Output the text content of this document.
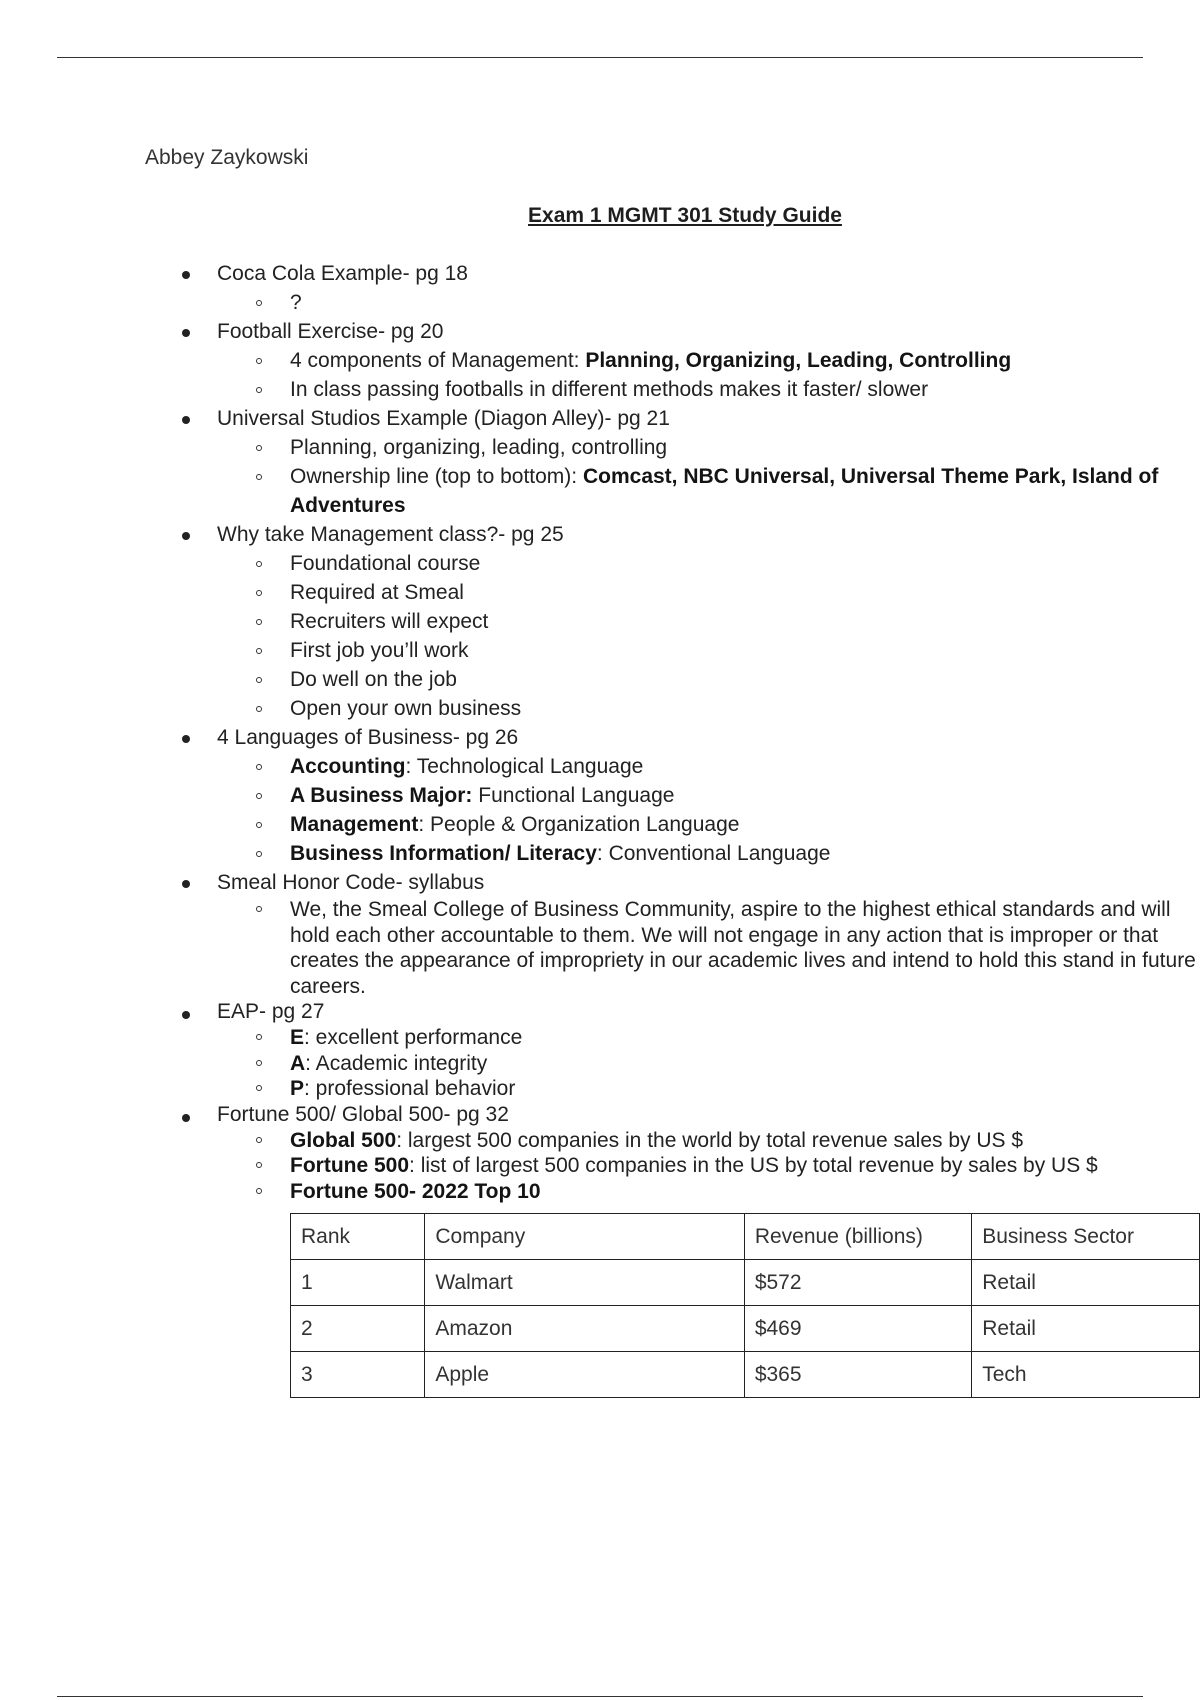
Abbey Zaykowski
Exam 1 MGMT 301 Study Guide
Coca Cola Example- pg 18
?
Football Exercise- pg 20
4 components of Management: Planning, Organizing, Leading, Controlling
In class passing footballs in different methods makes it faster/ slower
Universal Studios Example (Diagon Alley)- pg 21
Planning, organizing, leading, controlling
Ownership line (top to bottom): Comcast, NBC Universal, Universal Theme Park, Island of Adventures
Why take Management class?- pg 25
Foundational course
Required at Smeal
Recruiters will expect
First job you’ll work
Do well on the job
Open your own business
4 Languages of Business- pg 26
Accounting: Technological Language
A Business Major: Functional Language
Management: People & Organization Language
Business Information/ Literacy: Conventional Language
Smeal Honor Code- syllabus
We, the Smeal College of Business Community, aspire to the highest ethical standards and will hold each other accountable to them. We will not engage in any action that is improper or that creates the appearance of impropriety in our academic lives and intend to hold this stand in future careers.
EAP- pg 27
E: excellent performance
A: Academic integrity
P: professional behavior
Fortune 500/ Global 500- pg 32
Global 500: largest 500 companies in the world by total revenue sales by US $
Fortune 500: list of largest 500 companies in the US by total revenue by sales by US $
Fortune 500- 2022 Top 10
Rank	Company	Revenue (billions)	Business Sector
1	Walmart	$572	Retail
2	Amazon	$469	Retail
3	Apple	$365	Tech
